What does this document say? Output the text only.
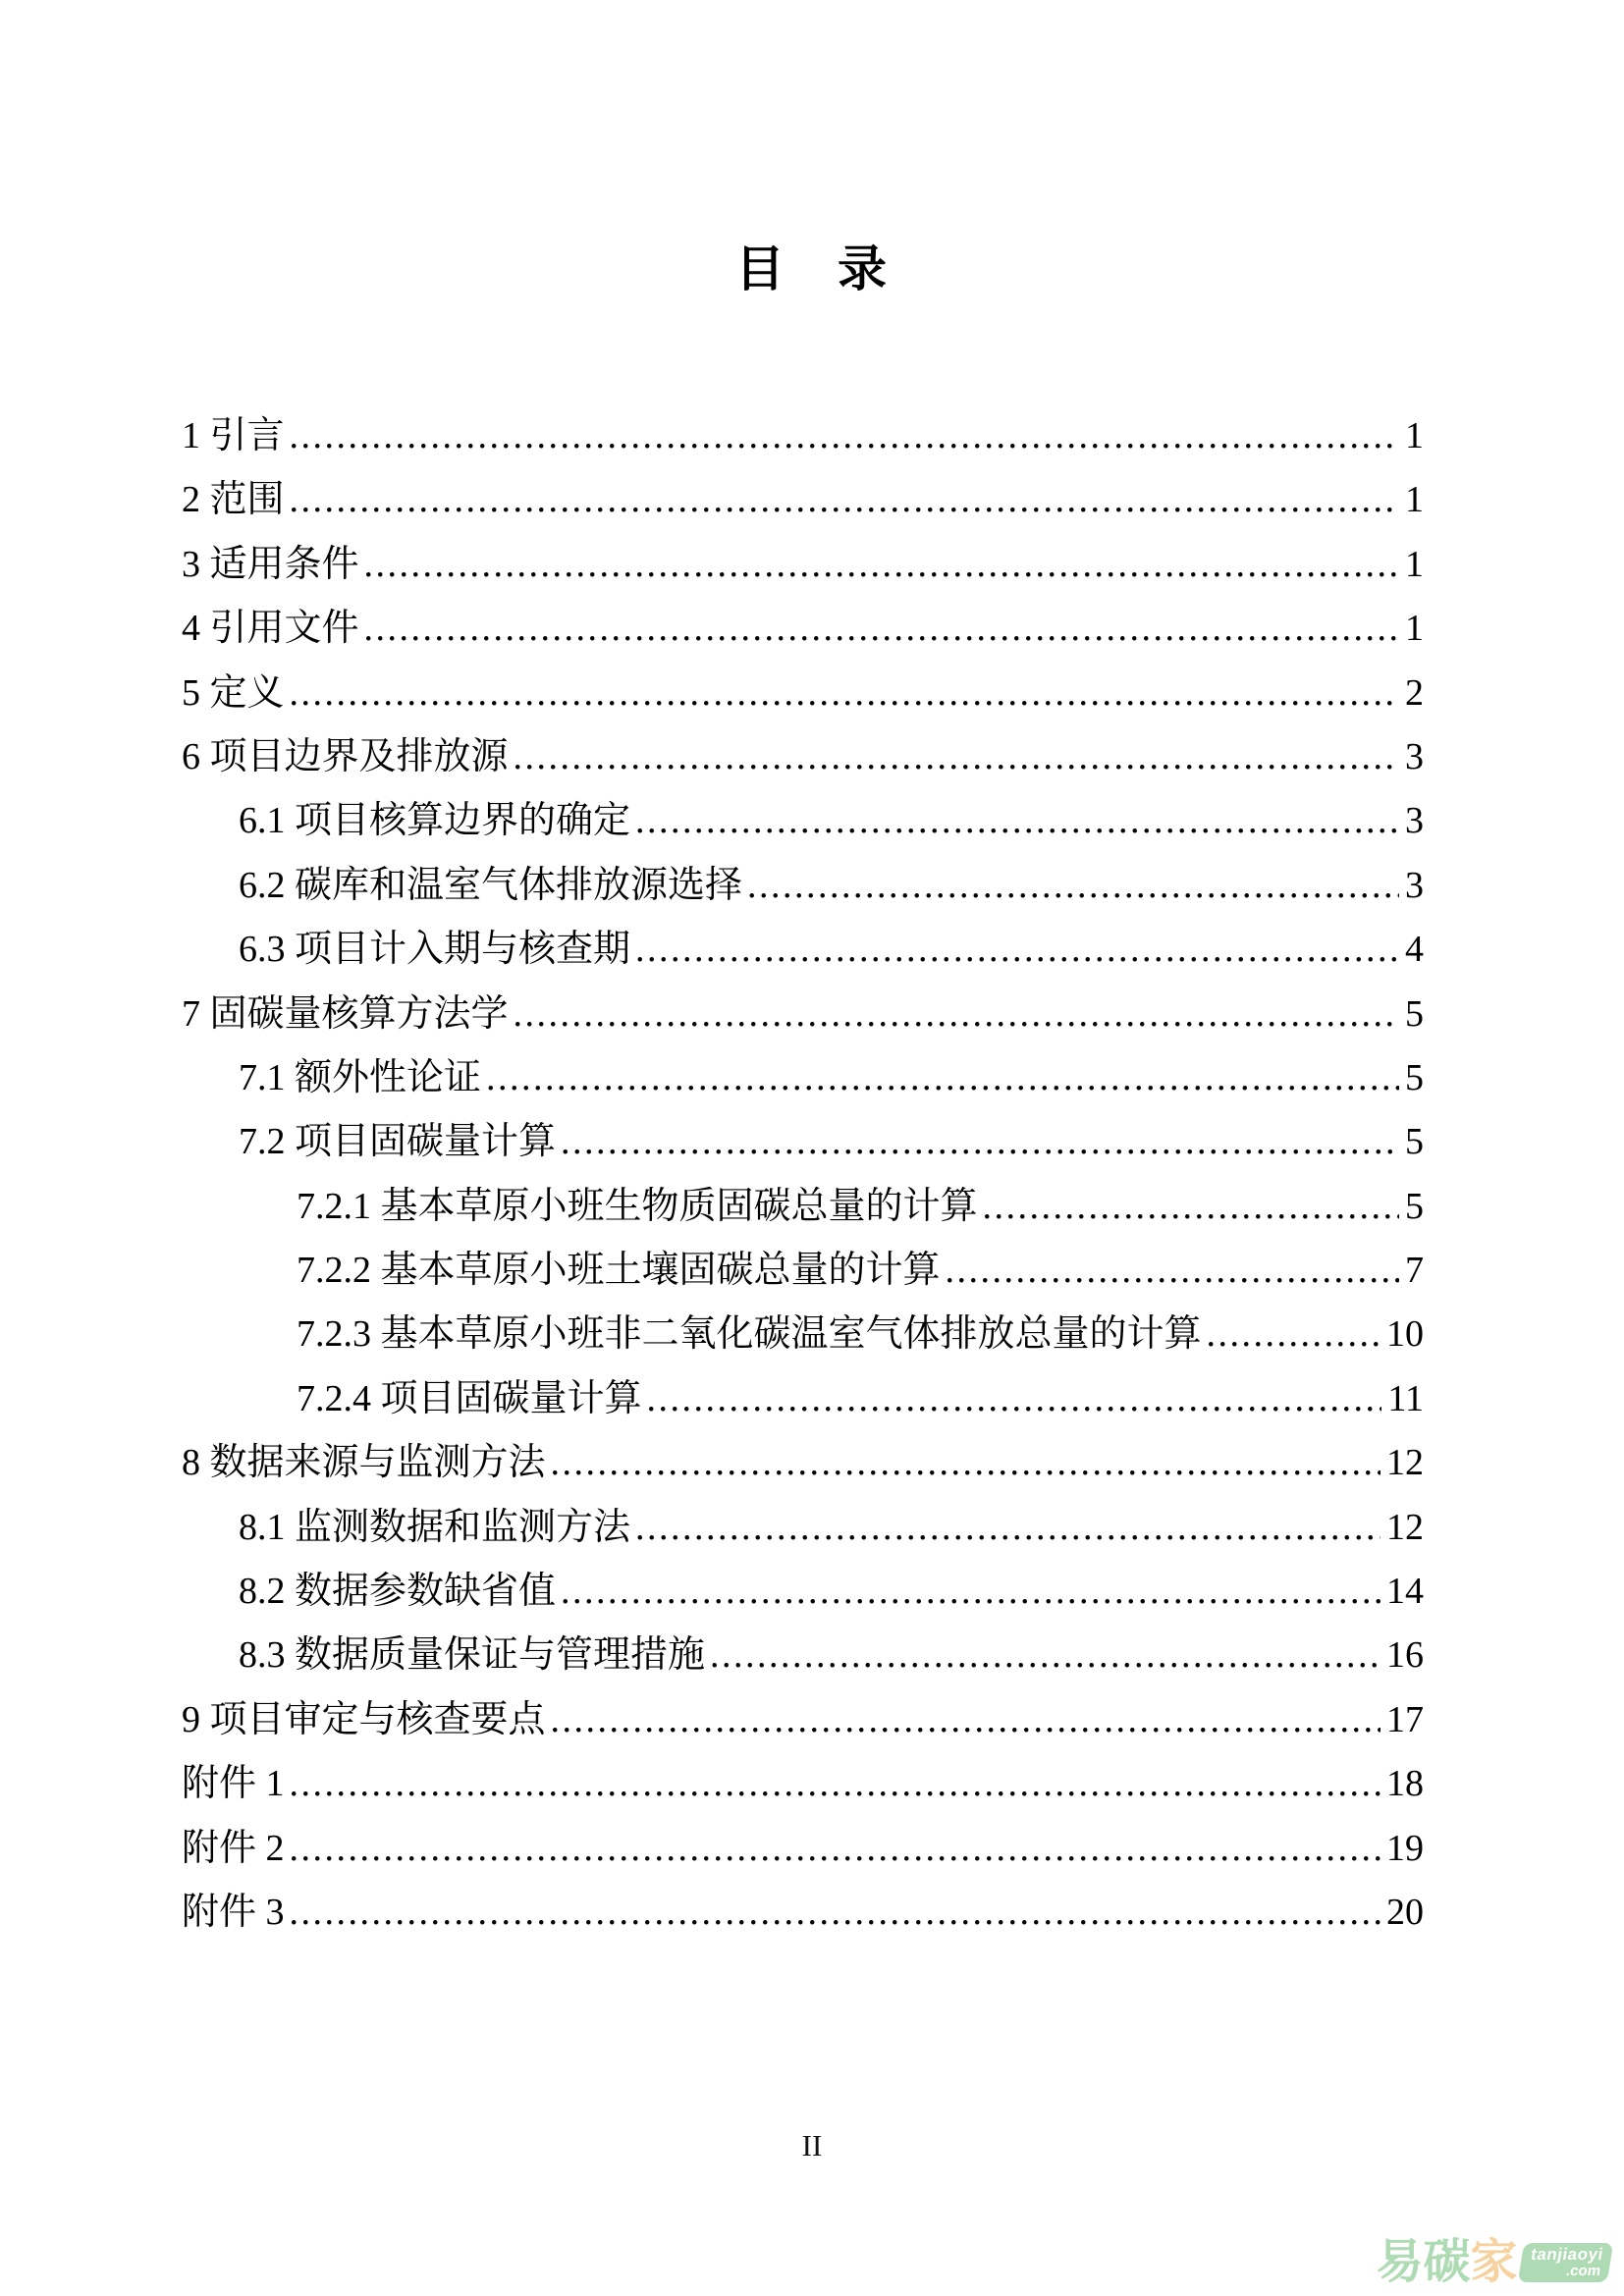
目　录
1 引言 .....	1
2 范围 .....	1
3 适用条件 .....	1
4 引用文件 .....	1
5 定义 .....	2
6 项目边界及排放源 .....	3
6.1 项目核算边界的确定 .....	3
6.2 碳库和温室气体排放源选择 .....	3
6.3 项目计入期与核查期 .....	4
7 固碳量核算方法学 .....	5
7.1 额外性论证 .....	5
7.2 项目固碳量计算 .....	5
7.2.1 基本草原小班生物质固碳总量的计算 .....	5
7.2.2 基本草原小班土壤固碳总量的计算 .....	7
7.2.3 基本草原小班非二氧化碳温室气体排放总量的计算 .....	10
7.2.4 项目固碳量计算 .....	11
8 数据来源与监测方法 .....	12
8.1 监测数据和监测方法 .....	12
8.2 数据参数缺省值 .....	14
8.3 数据质量保证与管理措施 .....	16
9 项目审定与核查要点 .....	17
附件 1 .....	18
附件 2 .....	19
附件 3 .....	20
II
易 碳 家 tanjiaoyi
.com
